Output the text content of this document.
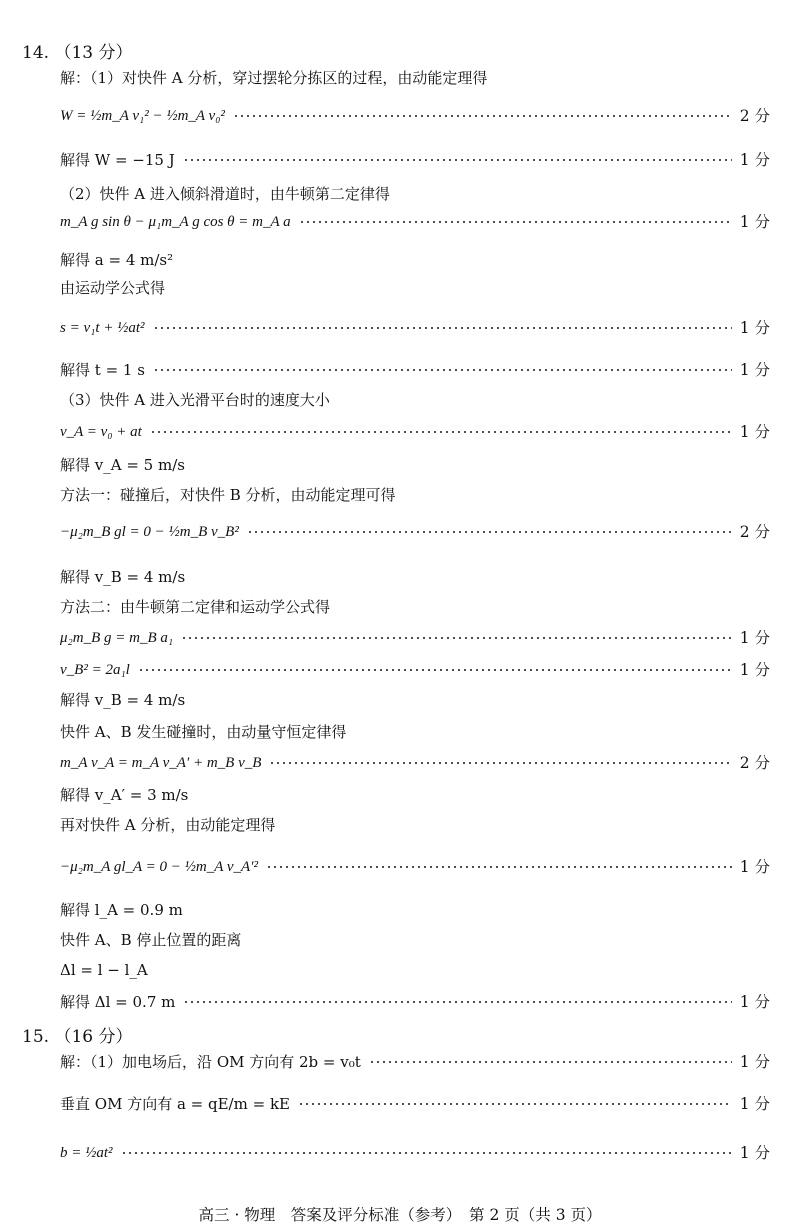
14. （13 分）
解：（1）对快件 A 分析，穿过摆轮分拣区的过程，由动能定理得
W = ½m_A v₁² − ½m_A v₀²	2 分
解得 W = −15 J	1 分
（2）快件 A 进入倾斜滑道时，由牛顿第二定律得
m_A g sin θ − μ₁m_A g cos θ = m_A a	1 分
解得 a = 4 m/s²
由运动学公式得
s = v₁t + ½at²	1 分
解得 t = 1 s	1 分
（3）快件 A 进入光滑平台时的速度大小
v_A = v₀ + at	1 分
解得 v_A = 5 m/s
方法一：碰撞后，对快件 B 分析，由动能定理可得
−μ₂m_B gl = 0 − ½m_B v_B²	2 分
解得 v_B = 4 m/s
方法二：由牛顿第二定律和运动学公式得
μ₂m_B g = m_B a₁	1 分
v_B² = 2a₁l	1 分
解得 v_B = 4 m/s
快件 A、B 发生碰撞时，由动量守恒定律得
m_A v_A = m_A v_A′ + m_B v_B	2 分
解得 v_A′ = 3 m/s
再对快件 A 分析，由动能定理得
−μ₂m_A gl_A = 0 − ½m_A v_A′²	1 分
解得 l_A = 0.9 m
快件 A、B 停止位置的距离
Δl = l − l_A
解得 Δl = 0.7 m	1 分
15. （16 分）
解：（1）加电场后，沿 OM 方向有 2b = v₀t	1 分
垂直 OM 方向有 a = qE/m = kE	1 分
b = ½at²	1 分
高三 · 物理　答案及评分标准（参考）　第 2 页（共 3 页）
